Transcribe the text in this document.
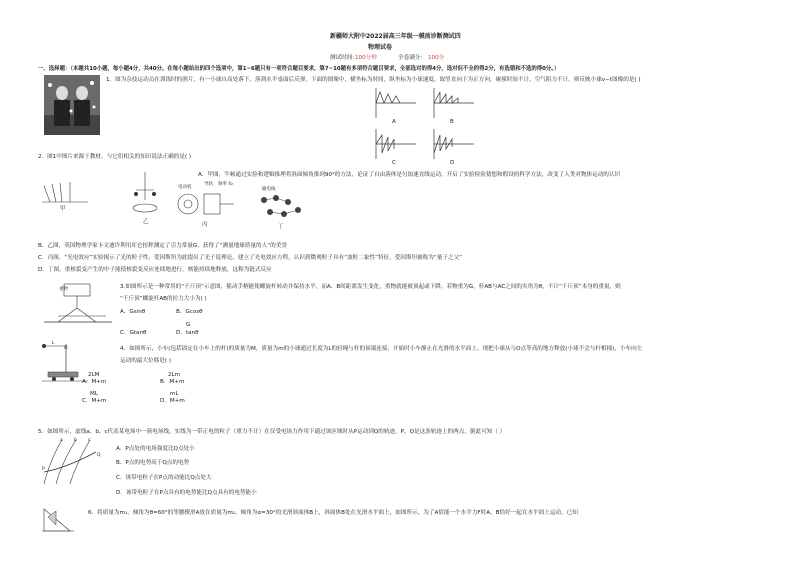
新疆师大附中2022届高三年级一模前诊断测试四
物理试卷
测试时间：
100分钟	全卷满分： 100分
一、选择题：（本题共10小题，每小题4分，共40分。在每小题给出的四个选项中，第1~6题只有一项符合题目要求，第7~10题有多项符合题目要求，全部选对的得4分，选对但不全的得2分，有选错和不选的得0分。）
1．图为杂技运动员在训练时的照片，有一小球自高处落下，落到水平桌面后反弹。下面的图像中，横坐标为时间，纵坐标为小球速度，取竖直向下为正方向，碰撞时间不计，空气阻力不计，则反映小球v−t图像的是( )
A	B
C	D
2．图1中图片来源于教材，与它们相关的知识说法正确的是( )
A．甲图，牛顿通过实验和逻辑推理将斜面倾角推到90°的方法，论证了自由落体是匀加速直线运动，开启了实验检验猜想和假设的科学方法，改变了人类对物体运动的认识
甲
乙
电动机
导轨 频率 fo
丙
输电线
丁
B．乙图，英国物理学家卡文迪许利用库仑扭秤测定了引力常量G，获得了“测量地球质量的人”的美誉
C．丙图，“光电效应”实验揭示了光的粒子性，爱因斯坦为此提出了光子说理论，建立了光电效应方程，认识到微观粒子具有“波粒二象性”特征，爱因斯坦被称为“量子之父”
D．丁图，重核裂变产生的中子能使核裂变反应连续地进行，核能持续地释放，这称为链式反应
重物	3.如图所示是一种常用的“千斤顶”示意图，摇动手柄能使螺旋杆转动并保持水平，而A、B间距离发生变化，重物就能被顶起或下降。若物重为G，杆AB与AC之间的夹角为θ，不计“千斤顶”本身的重量，则
“千斤顶”螺旋杆AB的拉力大小为( )
A．Gsinθ	B．Gcosθ
C．Gtanθ
G
D．tanθ
O
L
4．如图所示，小车(包括固定在小车上的杆)的质量为M，质量为m的小球通过长度为L的轻绳与杆的顶端连接，开始时小车静止在光滑的水平面上，现把小球从与O点等高的地方释放(小球不会与杆相撞)，小车向左
运动的最大位移是( )
2LM
A．M+m
2Lm
B．M+m
ML
C．M+m
mL
D．M+m
5．如图所示，虚线a、b、c代表某电场中一簇电场线，实线为一带正电的粒子（重力不计）在仅受电场力作用下通过该区域时从P运动到Q的轨迹，P、Q是这条轨迹上的两点，据此可知（ ）
a b c
P
Q
A．P点处的电场强度比Q点处小
B．P点的电势高于Q点的电势
C．该带电粒子在P点的动能比Q点处大
D．该带电粒子在P点具有的电势能比Q点具有的电势能小
6．将质量为m₁、倾角为θ=60°的等腰楔形A放在质量为m₂、倾角为α=30°的光滑斜面体B上，斜面体B处在光滑水平面上，如图所示，为了A恰能一个水平力F时A、B恰好一起在水平面上运动，已知
